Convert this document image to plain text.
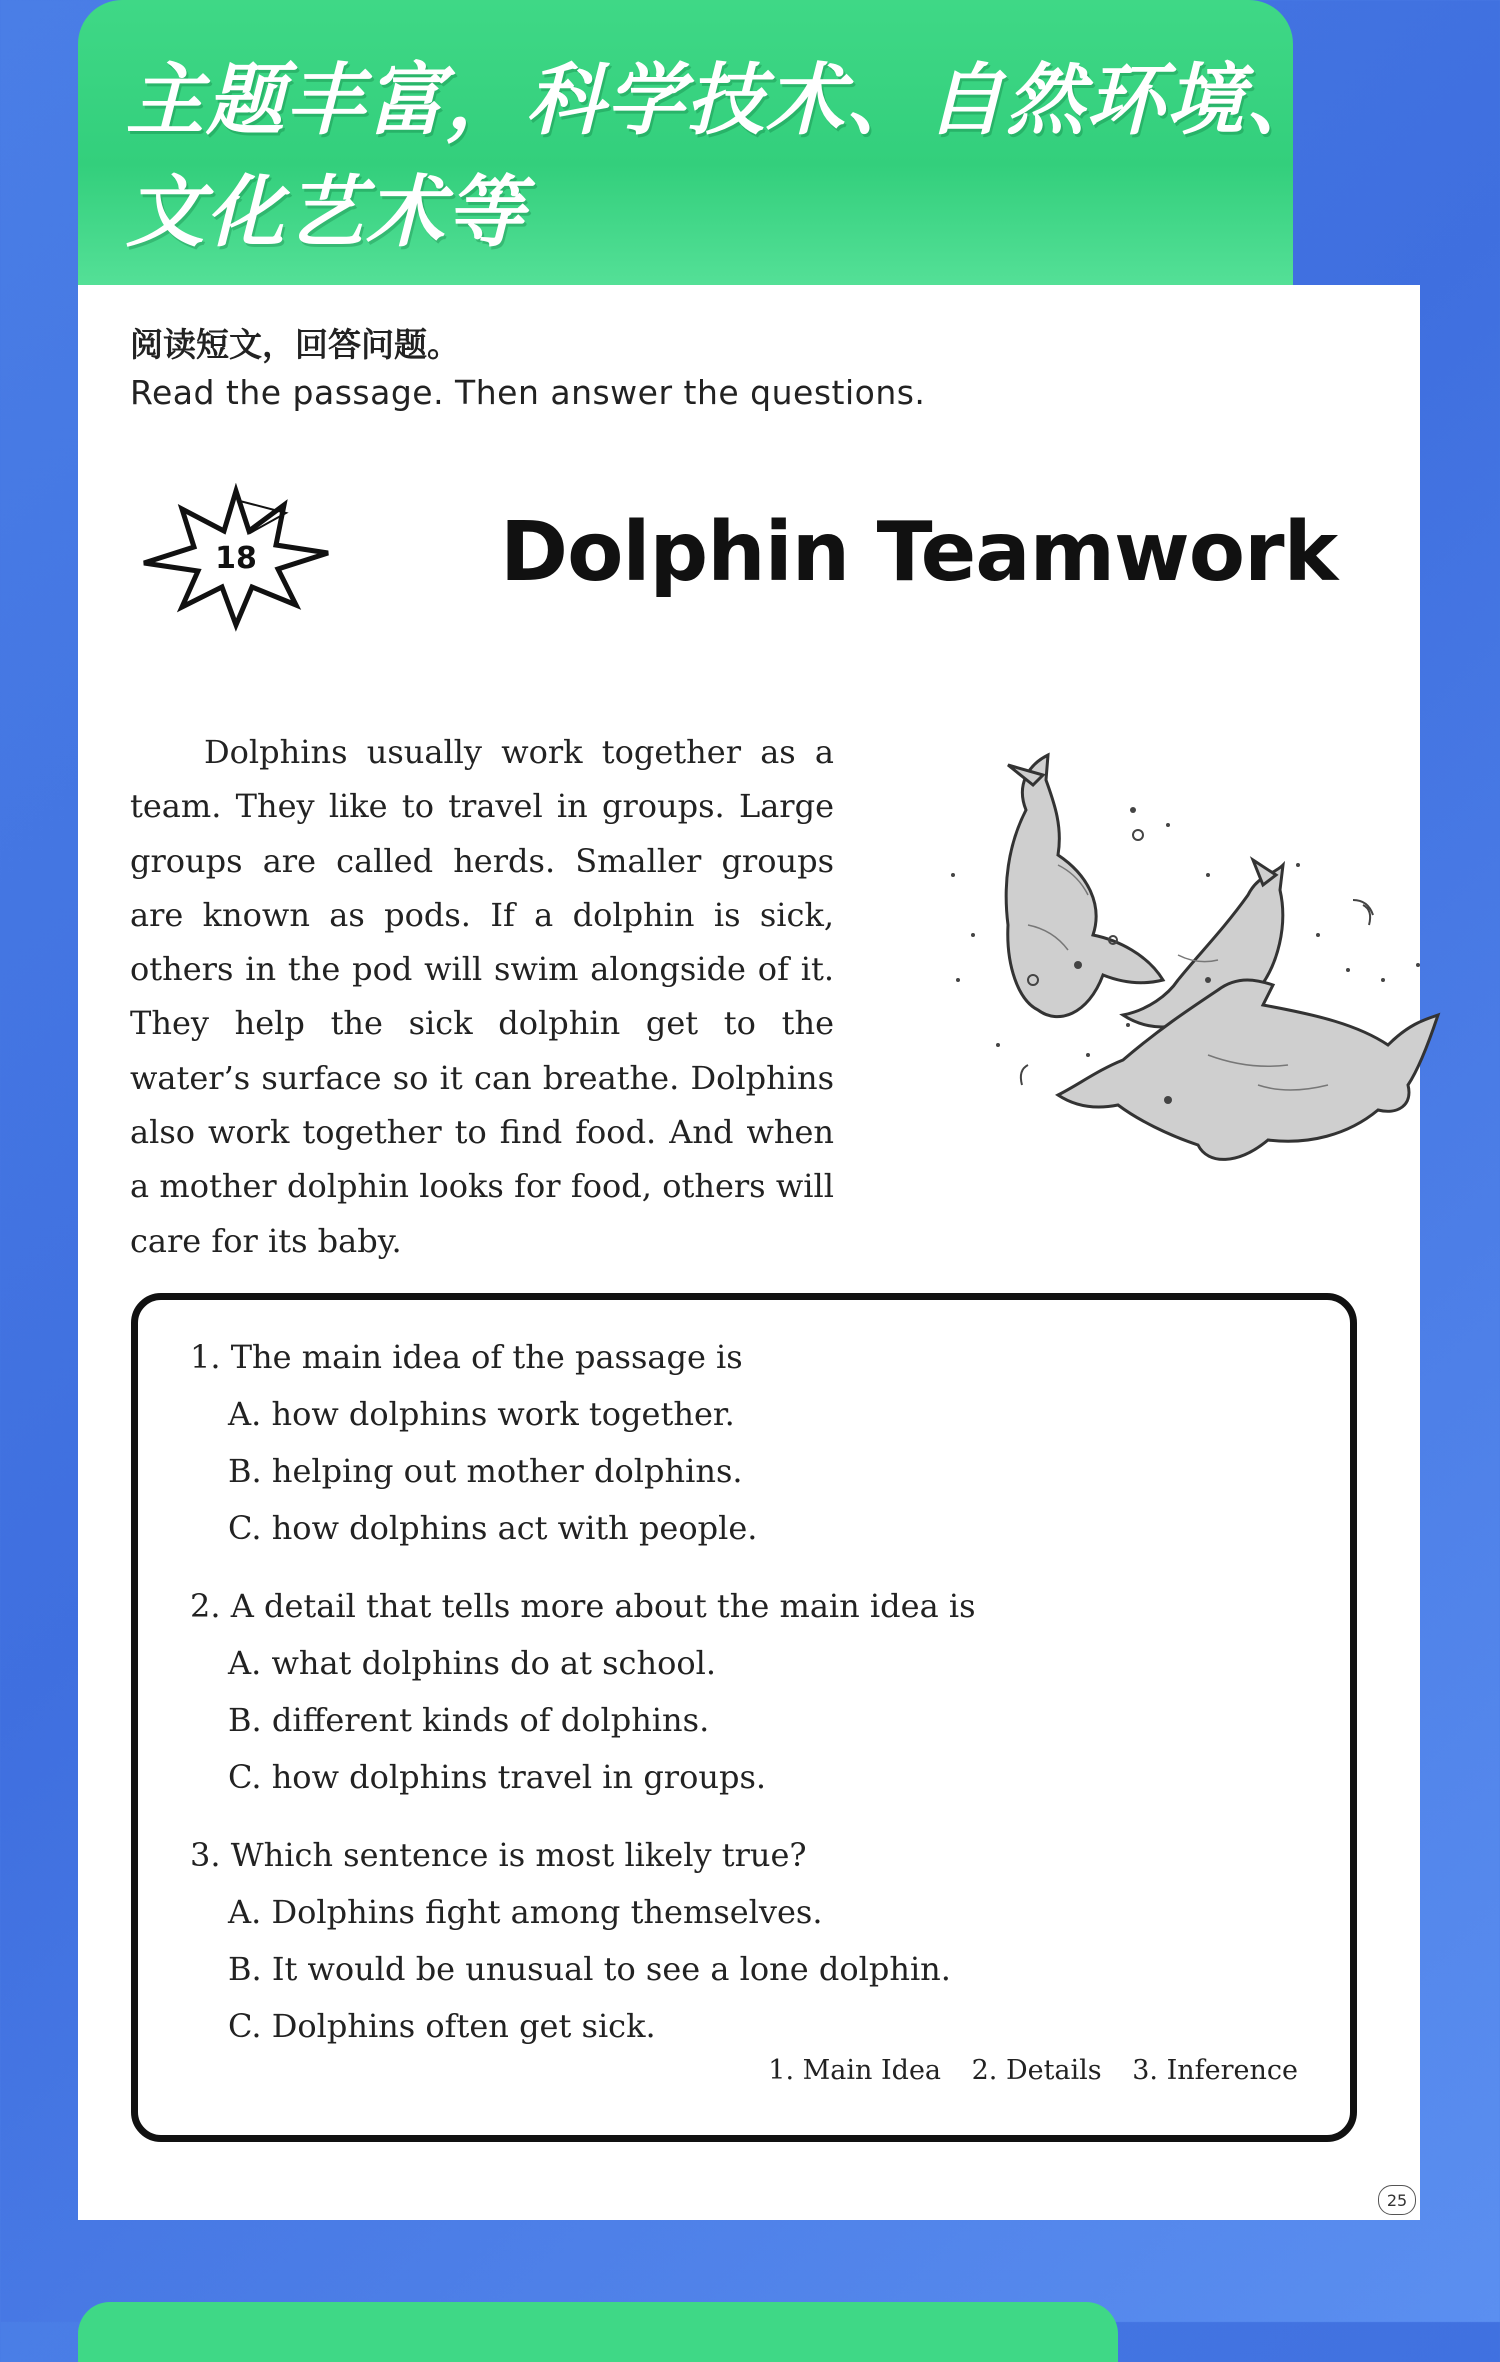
主题丰富，科学技术、自然环境、
文化艺术等
阅读短文，回答问题。
Read the passage. Then answer the questions.
18	Dolphin Teamwork

Dolphins usually work together as a team. They like to travel in groups. Large groups are called herds. Smaller groups are known as pods. If a dolphin is sick, others in the pod will swim alongside of it. They help the sick dolphin get to the water’s surface so it can breathe. Dolphins also work together to find food. And when a mother dolphin looks for food, others will care for its baby.

1. The main idea of the passage is
A. how dolphins work together.
B. helping out mother dolphins.
C. how dolphins act with people.
2. A detail that tells more about the main idea is
A. what dolphins do at school.
B. different kinds of dolphins.
C. how dolphins travel in groups.
3. Which sentence is most likely true?
A. Dolphins fight among themselves.
B. It would be unusual to see a lone dolphin.
C. Dolphins often get sick.
1. Main Idea 2. Details 3. Inference
25
